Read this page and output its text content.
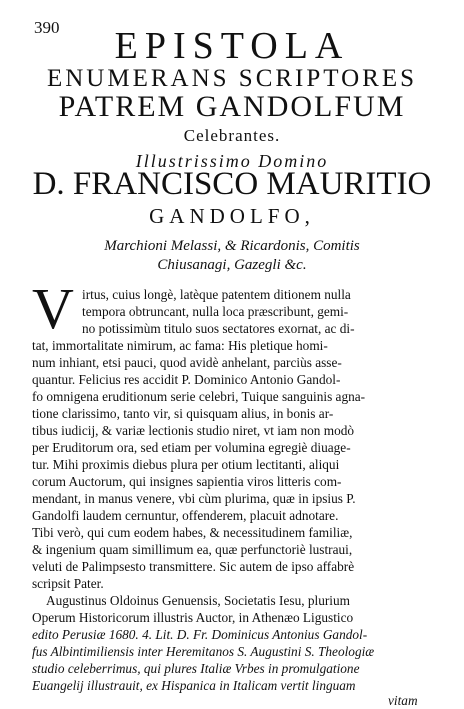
390	EPISTOLA
ENUMERANS SCRIPTORES
PATREM GANDOLFUM
Celebrantes.
Illustrissimo Domino
D. FRANCISCO MAURITIO
GANDOLFO,
Marchioni Melassi, & Ricardonis, Comitis
Chiusanagi, Gazegli &c.
V irtus, cuius longè, latèque patentem ditionem nulla
tempora obtruncant, nulla loca præscribunt, gemi-
no potissimùm titulo suos sectatores exornat, ac di-
tat, immortalitate nimirum, ac fama: His pletique homi-
num inhiant, etsi pauci, quod avidè anhelant, parciùs asse-
quantur. Felicius res accidit P. Dominico Antonio Gandol-
fo omnigena eruditionum serie celebri, Tuique sanguinis agna-
tione clarissimo, tanto vir, si quisquam alius, in bonis ar-
tibus iudicij, & variæ lectionis studio niret, vt iam non modò
per Eruditorum ora, sed etiam per volumina egregiè diuage-
tur. Mihi proximis diebus plura per otium lectitanti, aliqui
corum Auctorum, qui insignes sapientia viros litteris com-
mendant, in manus venere, vbi cùm plurima, quæ in ipsius P.
Gandolfi laudem cernuntur, offenderem, placuit adnotare.
Tibi verò, qui cum eodem habes, & necessitudinem familiæ,
& ingenium quam simillimum ea, quæ perfunctoriè lustraui,
veluti de Palimpsesto transmittere. Sic autem de ipso affabrè
scripsit Pater.
Augustinus Oldoinus Genuensis, Societatis Iesu, plurium
Operum Historicorum illustris Auctor, in Athenæo Ligustico
edito Perusiæ 1680. 4. Lit. D. Fr. Dominicus Antonius Gandol-
fus Albintimiliensis inter Heremitanos S. Augustini S. Theologiæ
studio celeberrimus, qui plures Italiæ Vrbes in promulgatione
Euangelij illustrauit, ex Hispanica in Italicam vertit linguam
vitam
